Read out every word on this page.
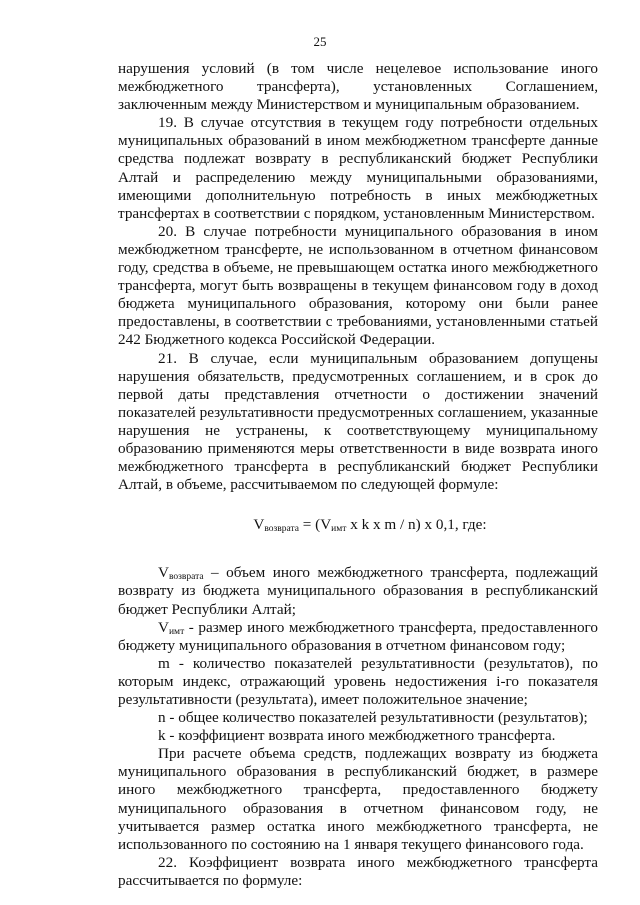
25

нарушения условий (в том числе нецелевое использование иного межбюджетного трансферта), установленных Соглашением, заключенным между Министерством и муниципальным образованием.

19. В случае отсутствия в текущем году потребности отдельных муниципальных образований в ином межбюджетном трансферте данные средства подлежат возврату в республиканский бюджет Республики Алтай и распределению между муниципальными образованиями, имеющими дополнительную потребность в иных межбюджетных трансфертах в соответствии с порядком, установленным Министерством.

20. В случае потребности муниципального образования в ином межбюджетном трансферте, не использованном в отчетном финансовом году, средства в объеме, не превышающем остатка иного межбюджетного трансферта, могут быть возвращены в текущем финансовом году в доход бюджета муниципального образования, которому они были ранее предоставлены, в соответствии с требованиями, установленными статьей 242 Бюджетного кодекса Российской Федерации.

21. В случае, если муниципальным образованием допущены нарушения обязательств, предусмотренных соглашением, и в срок до первой даты представления отчетности о достижении значений показателей результативности предусмотренных соглашением, указанные нарушения не устранены, к соответствующему муниципальному образованию применяются меры ответственности в виде возврата иного межбюджетного трансферта в республиканский бюджет Республики Алтай, в объеме, рассчитываемом по следующей формуле:

$V_{возврата} = (V_{имт}$ x k x m / n) x 0,1, где:

$V_{возврата}$ – объем иного межбюджетного трансферта, подлежащий возврату из бюджета муниципального образования в республиканский бюджет Республики Алтай;

$V_{имт}$ - размер иного межбюджетного трансферта, предоставленного бюджету муниципального образования в отчетном финансовом году;

m - количество показателей результативности (результатов), по которым индекс, отражающий уровень недостижения i-го показателя результативности (результата), имеет положительное значение;

n - общее количество показателей результативности (результатов);

k - коэффициент возврата иного межбюджетного трансферта.

При расчете объема средств, подлежащих возврату из бюджета муниципального образования в республиканский бюджет, в размере иного межбюджетного трансферта, предоставленного бюджету муниципального образования в отчетном финансовом году, не учитывается размер остатка иного межбюджетного трансферта, не использованного по состоянию на 1 января текущего финансового года.

22. Коэффициент возврата иного межбюджетного трансферта рассчитывается по формуле:
